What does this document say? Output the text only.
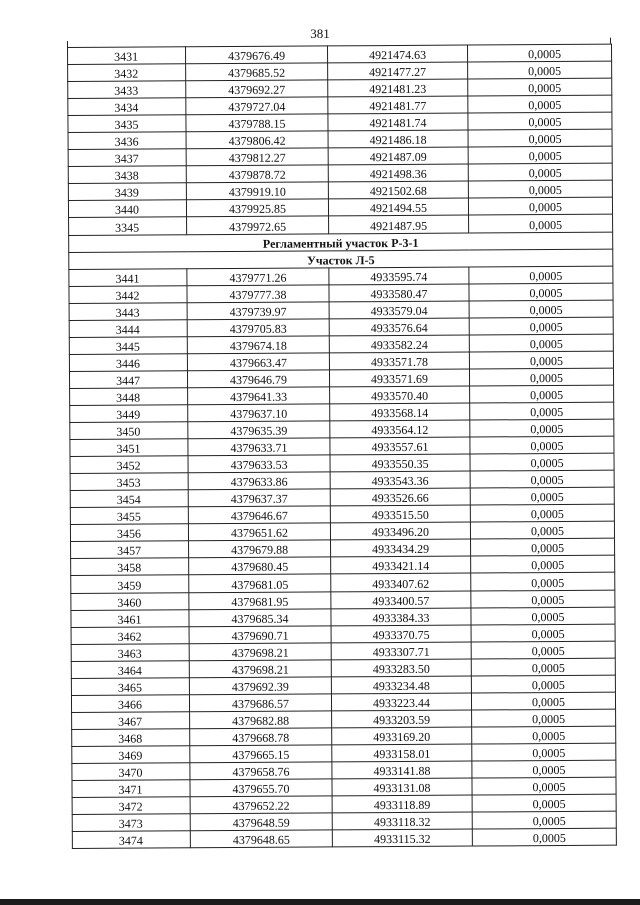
381
3431	4379676.49	4921474.63	0,0005
3432	4379685.52	4921477.27	0,0005
3433	4379692.27	4921481.23	0,0005
3434	4379727.04	4921481.77	0,0005
3435	4379788.15	4921481.74	0,0005
3436	4379806.42	4921486.18	0,0005
3437	4379812.27	4921487.09	0,0005
3438	4379878.72	4921498.36	0,0005
3439	4379919.10	4921502.68	0,0005
3440	4379925.85	4921494.55	0,0005
3345	4379972.65	4921487.95	0,0005
Регламентный участок Р-3-1			
Участок Л-5			
3441	4379771.26	4933595.74	0,0005
3442	4379777.38	4933580.47	0,0005
3443	4379739.97	4933579.04	0,0005
3444	4379705.83	4933576.64	0,0005
3445	4379674.18	4933582.24	0,0005
3446	4379663.47	4933571.78	0,0005
3447	4379646.79	4933571.69	0,0005
3448	4379641.33	4933570.40	0,0005
3449	4379637.10	4933568.14	0,0005
3450	4379635.39	4933564.12	0,0005
3451	4379633.71	4933557.61	0,0005
3452	4379633.53	4933550.35	0,0005
3453	4379633.86	4933543.36	0,0005
3454	4379637.37	4933526.66	0,0005
3455	4379646.67	4933515.50	0,0005
3456	4379651.62	4933496.20	0,0005
3457	4379679.88	4933434.29	0,0005
3458	4379680.45	4933421.14	0,0005
3459	4379681.05	4933407.62	0,0005
3460	4379681.95	4933400.57	0,0005
3461	4379685.34	4933384.33	0,0005
3462	4379690.71	4933370.75	0,0005
3463	4379698.21	4933307.71	0,0005
3464	4379698.21	4933283.50	0,0005
3465	4379692.39	4933234.48	0,0005
3466	4379686.57	4933223.44	0,0005
3467	4379682.88	4933203.59	0,0005
3468	4379668.78	4933169.20	0,0005
3469	4379665.15	4933158.01	0,0005
3470	4379658.76	4933141.88	0,0005
3471	4379655.70	4933131.08	0,0005
3472	4379652.22	4933118.89	0,0005
3473	4379648.59	4933118.32	0,0005
3474	4379648.65	4933115.32	0,0005
